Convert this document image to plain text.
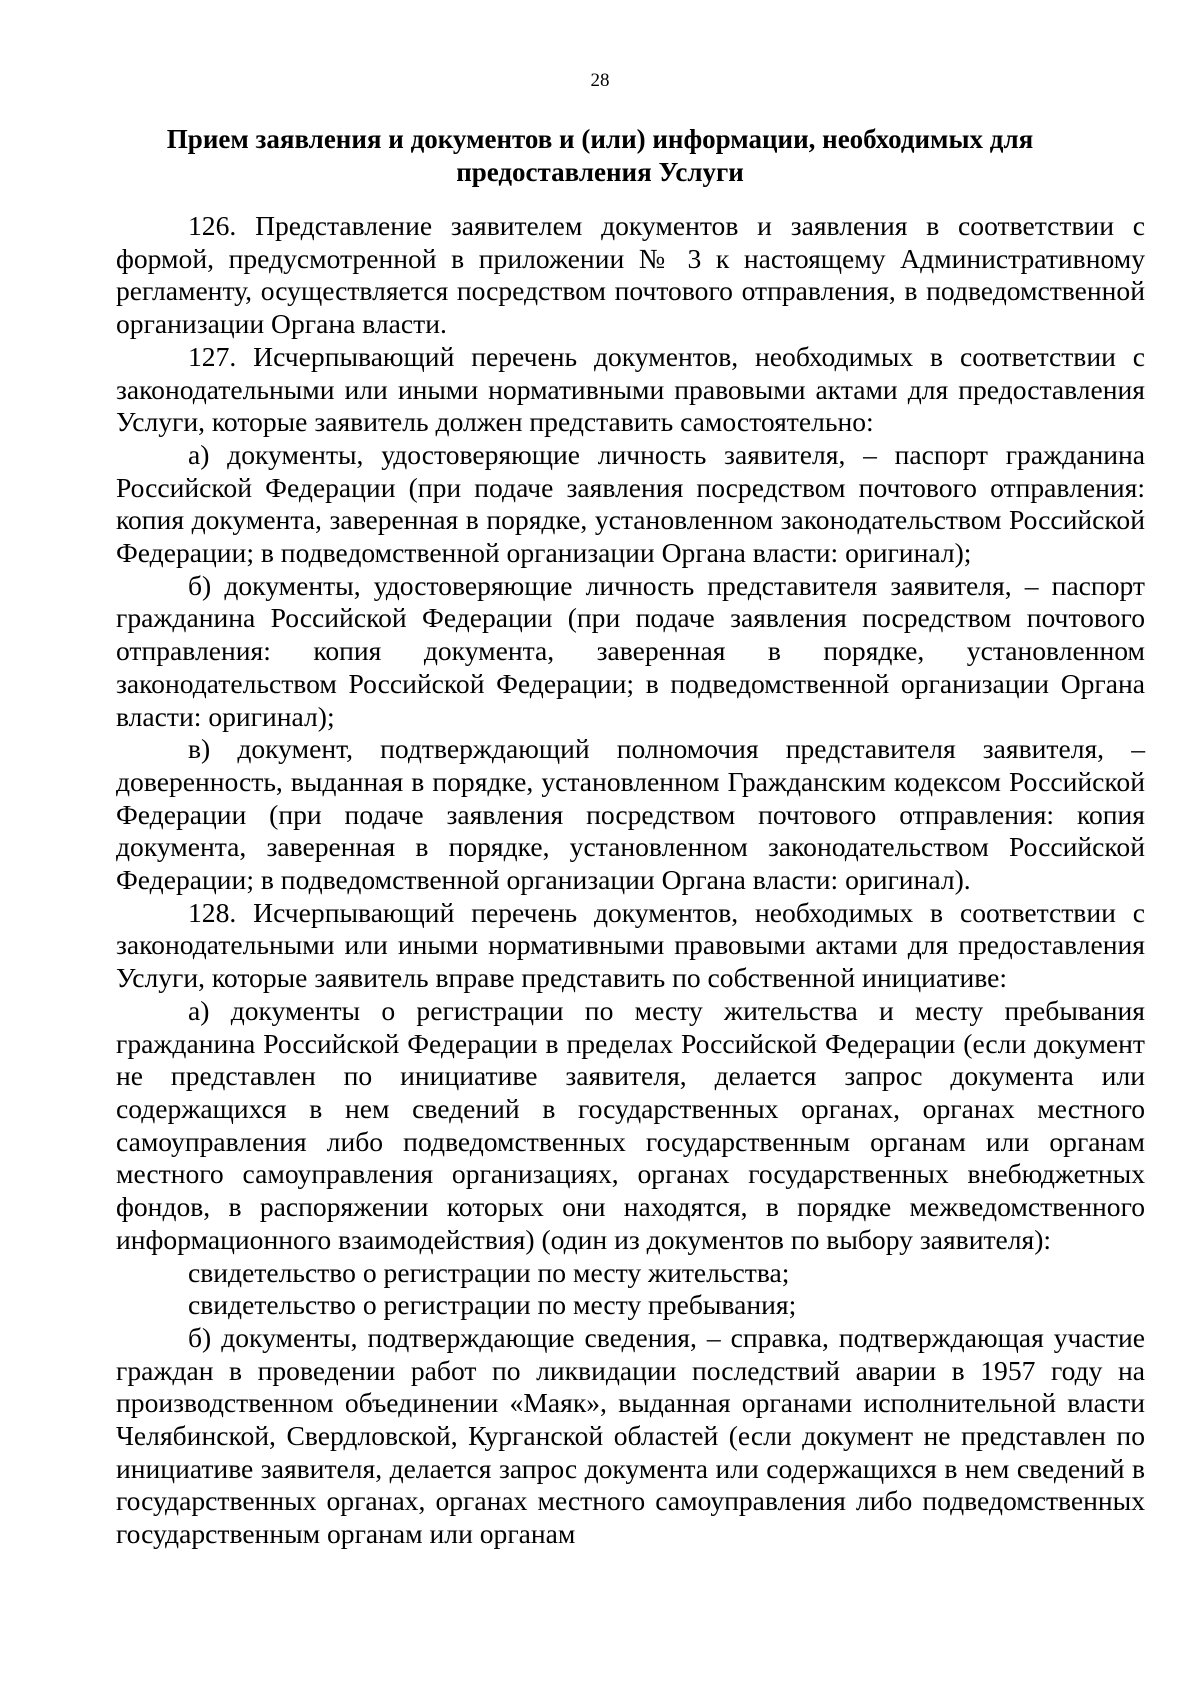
28
Прием заявления и документов и (или) информации, необходимых для
предоставления Услуги

126. Представление заявителем документов и заявления в соответствии с формой, предусмотренной в приложении № 3 к настоящему Административному регламенту, осуществляется посредством почтового отправления, в подведомственной организации Органа власти.

127. Исчерпывающий перечень документов, необходимых в соответствии с законодательными или иными нормативными правовыми актами для предоставления Услуги, которые заявитель должен представить самостоятельно:

а) документы, удостоверяющие личность заявителя, – паспорт гражданина Российской Федерации (при подаче заявления посредством почтового отправления: копия документа, заверенная в порядке, установленном законодательством Российской Федерации; в подведомственной организации Органа власти: оригинал);

б) документы, удостоверяющие личность представителя заявителя, – паспорт гражданина Российской Федерации (при подаче заявления посредством почтового отправления: копия документа, заверенная в порядке, установленном законодательством Российской Федерации; в подведомственной организации Органа власти: оригинал);

в) документ, подтверждающий полномочия представителя заявителя, – доверенность, выданная в порядке, установленном Гражданским кодексом Российской Федерации (при подаче заявления посредством почтового отправления: копия документа, заверенная в порядке, установленном законодательством Российской Федерации; в подведомственной организации Органа власти: оригинал).

128. Исчерпывающий перечень документов, необходимых в соответствии с законодательными или иными нормативными правовыми актами для предоставления Услуги, которые заявитель вправе представить по собственной инициативе:

а) документы о регистрации по месту жительства и месту пребывания гражданина Российской Федерации в пределах Российской Федерации (если документ не представлен по инициативе заявителя, делается запрос документа или содержащихся в нем сведений в государственных органах, органах местного самоуправления либо подведомственных государственным органам или органам местного самоуправления организациях, органах государственных внебюджетных фондов, в распоряжении которых они находятся, в порядке межведомственного информационного взаимодействия) (один из документов по выбору заявителя):

свидетельство о регистрации по месту жительства;

свидетельство о регистрации по месту пребывания;

б) документы, подтверждающие сведения, – справка, подтверждающая участие граждан в проведении работ по ликвидации последствий аварии в 1957 году на производственном объединении «Маяк», выданная органами исполнительной власти Челябинской, Свердловской, Курганской областей (если документ не представлен по инициативе заявителя, делается запрос документа или содержащихся в нем сведений в государственных органах, органах местного самоуправления либо подведомственных государственным органам или органам
